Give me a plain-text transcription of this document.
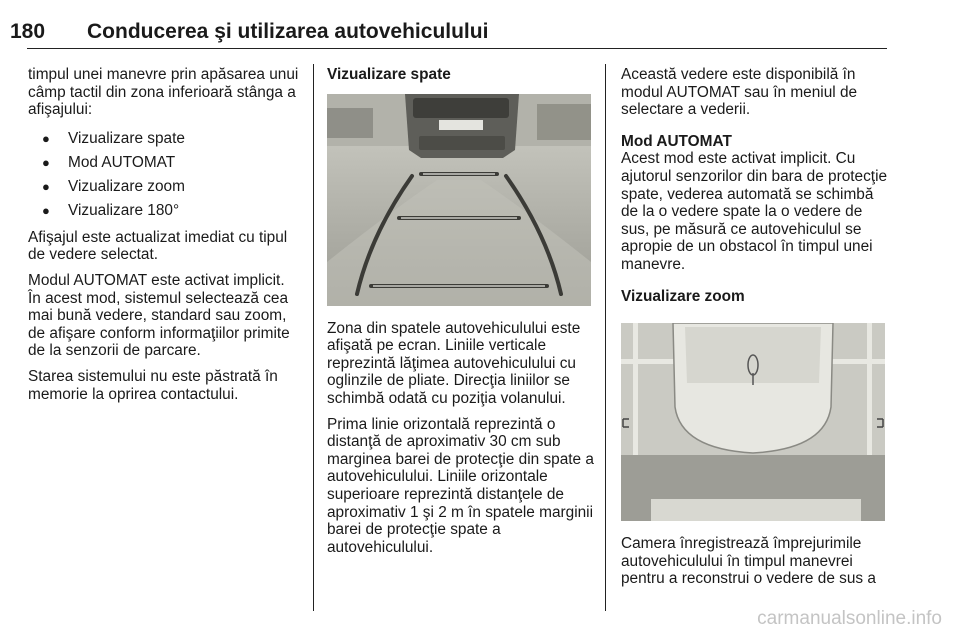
180 Conducerea şi utilizarea autovehiculului

timpul unei manevre prin apăsarea unui câmp tactil din zona inferioară stânga a afişajului:

● Vizualizare spate
● Mod AUTOMAT
● Vizualizare zoom
● Vizualizare 180°

Afişajul este actualizat imediat cu tipul de vedere selectat.

Modul AUTOMAT este activat implicit. În acest mod, sistemul selectează cea mai bună vedere, standard sau zoom, de afişare conform informaţiilor primite de la senzorii de parcare.

Starea sistemului nu este păstrată în memorie la oprirea contactului.

Vizualizare spate

Zona din spatele autovehiculului este afişată pe ecran. Liniile verticale reprezintă lăţimea autovehiculului cu oglinzile de pliate. Direcţia liniilor se schimbă odată cu poziţia volanului.

Prima linie orizontală reprezintă o distanţă de aproximativ 30 cm sub marginea barei de protecţie din spate a autovehiculului. Liniile orizontale superioare reprezintă distanţele de aproximativ 1 şi 2 m în spatele marginii barei de protecţie spate a autovehiculului.

Această vedere este disponibilă în modul AUTOMAT sau în meniul de selectare a vederii.

Mod AUTOMAT

Acest mod este activat implicit. Cu ajutorul senzorilor din bara de protecţie spate, vederea automată se schimbă de la o vedere spate la o vedere de sus, pe măsură ce autovehiculul se apropie de un obstacol în timpul unei manevre.

Vizualizare zoom

Camera înregistrează împrejurimile autovehiculului în timpul manevrei pentru a reconstrui o vedere de sus a

carmanualsonline.info
